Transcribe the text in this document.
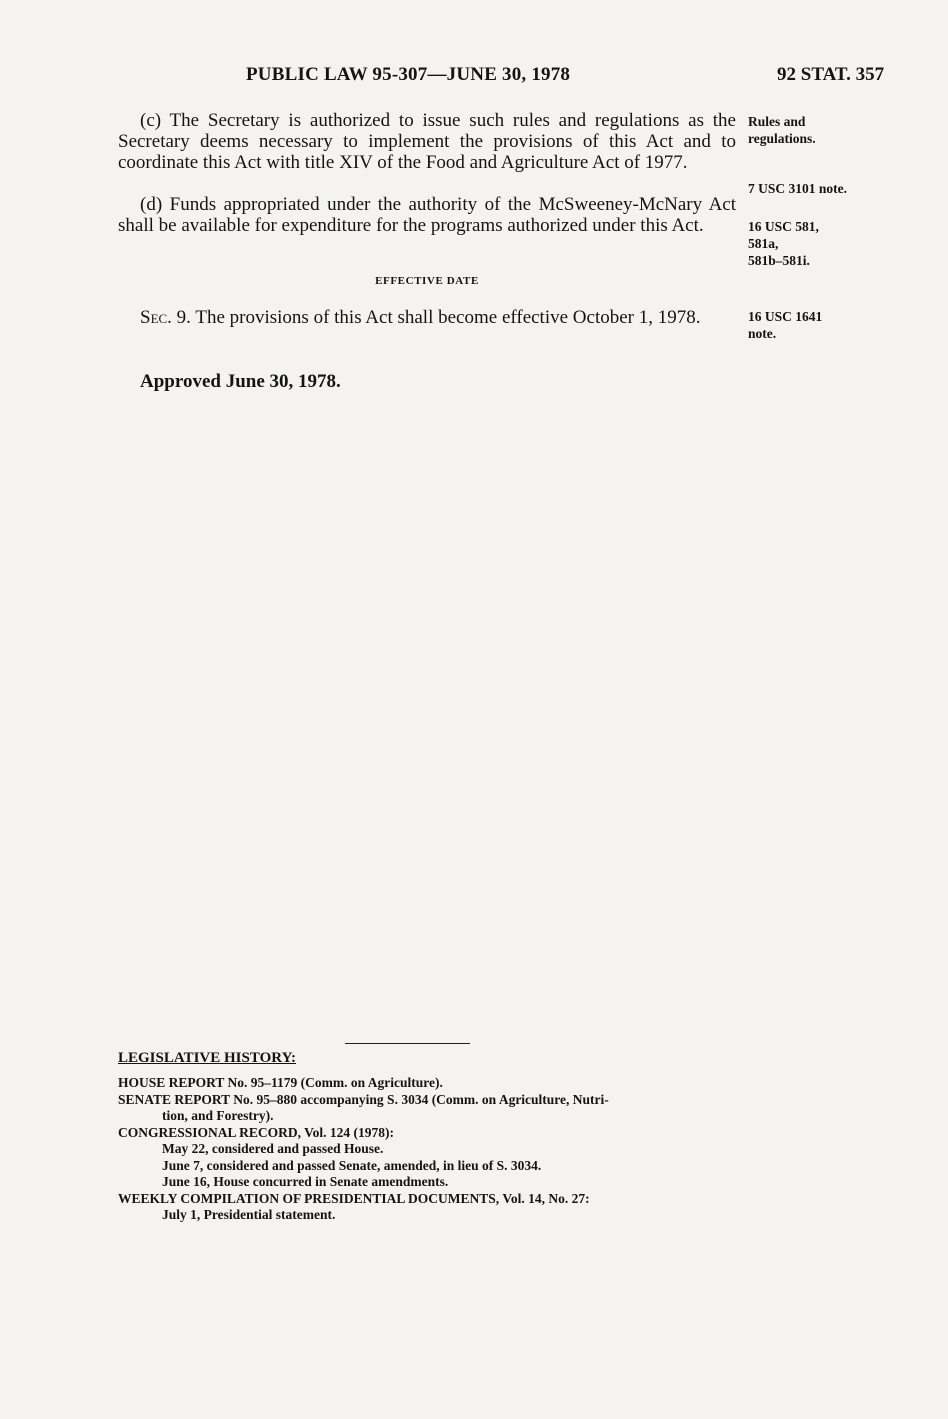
PUBLIC LAW 95-307—JUNE 30, 1978	92 STAT. 357

(c) The Secretary is authorized to issue such rules and regulations as the Secretary deems necessary to implement the provisions of this Act and to coordinate this Act with title XIV of the Food and Agriculture Act of 1977.

(d) Funds appropriated under the authority of the McSweeney-McNary Act shall be available for expenditure for the programs authorized under this Act.

Rules and
regulations.
7 USC 3101 note.
16 USC 581,
581a,
581b–581i.
EFFECTIVE DATE

Sec. 9. The provisions of this Act shall become effective October 1, 1978.	16 USC 1641
note.
Approved June 30, 1978.
LEGISLATIVE HISTORY:
HOUSE REPORT No. 95–1179 (Comm. on Agriculture).
SENATE REPORT No. 95–880 accompanying S. 3034 (Comm. on Agriculture, Nutri-
tion, and Forestry).
CONGRESSIONAL RECORD, Vol. 124 (1978):
May 22, considered and passed House.
June 7, considered and passed Senate, amended, in lieu of S. 3034.
June 16, House concurred in Senate amendments.
WEEKLY COMPILATION OF PRESIDENTIAL DOCUMENTS, Vol. 14, No. 27:
July 1, Presidential statement.
